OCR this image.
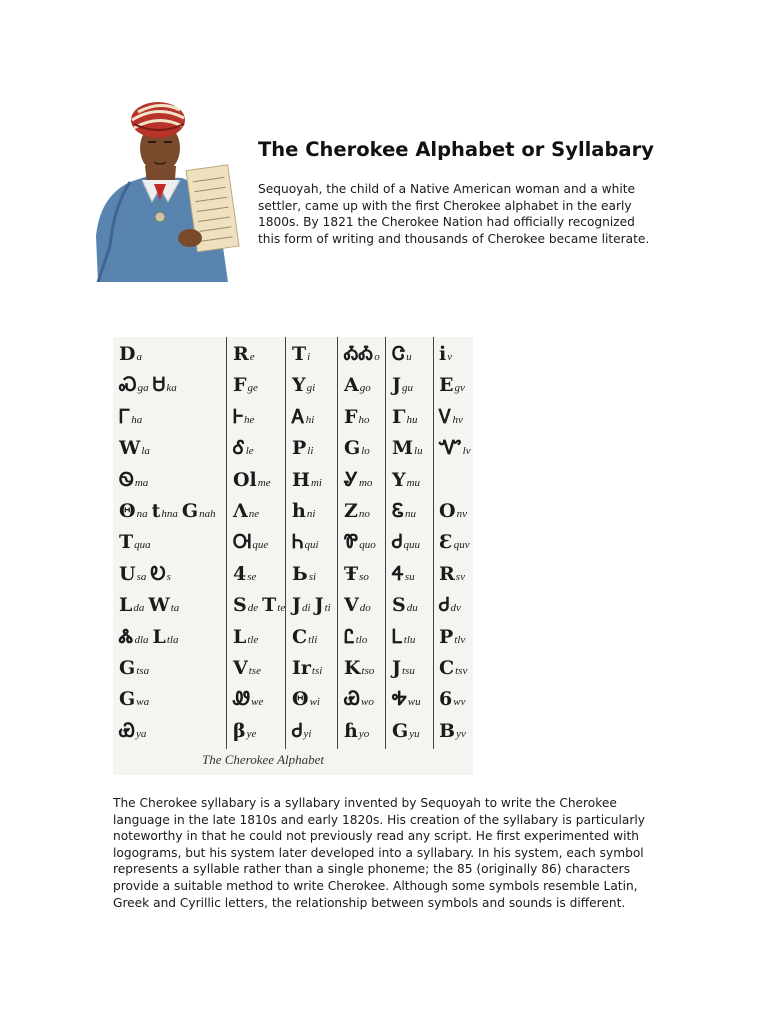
The Cherokee Alphabet or Syllabary

Sequoyah, the child of a Native American woman and a white settler, came up with the first Cherokee alphabet in the early 1800s. By 1821 the Cherokee Nation had officially recognized this form of writing and thousands of Cherokee became literate.

The Cherokee Alphabet
Da	Re Ti ᎣᎣo Ꮳu iv
Ꮝga Ꮜka	Fge Ygi Ago Jgu Egv
Ꮁha	Ꮀhe Ꭺhi Fho Γhu Ꮩhv
Wla	Ꮄle Pli Glo Mlu Ꮙlv
Ꮻma	Olme Hmi Ꮍmo Ymu
Θna thna Gnah Λne hni Zno Ꮛnu Onv
Tqua	Ꮊque Ꮒqui Ꮘquo Ꮷquu Ɛquv
Usa Ꭷs	4se Ьsi Ŧso Ꮞsu Rsv
Lda Wta	Sde Tte Jdi Jti Vdo Sdu Ꮷdv
Ꮬdla Ltla	Ltle Ctli Ꮭtlo Ꮮtlu Ptlv
Gtsa	Vtse Irtsi Ktso Jtsu Ctsv
Gwa	Ꮺwe Θwi Ꮿwo Ꭽwu 6wv
Ꮿya	βye Ꮷyi ɦyo Gyu Byv

The Cherokee syllabary is a syllabary invented by Sequoyah to write the Cherokee language in the late 1810s and early 1820s. His creation of the syllabary is particularly noteworthy in that he could not previously read any script. He first experimented with logograms, but his system later developed into a syllabary. In his system, each symbol represents a syllable rather than a single phoneme; the 85 (originally 86) characters provide a suitable method to write Cherokee. Although some symbols resemble Latin, Greek and Cyrillic letters, the relationship between symbols and sounds is different.
